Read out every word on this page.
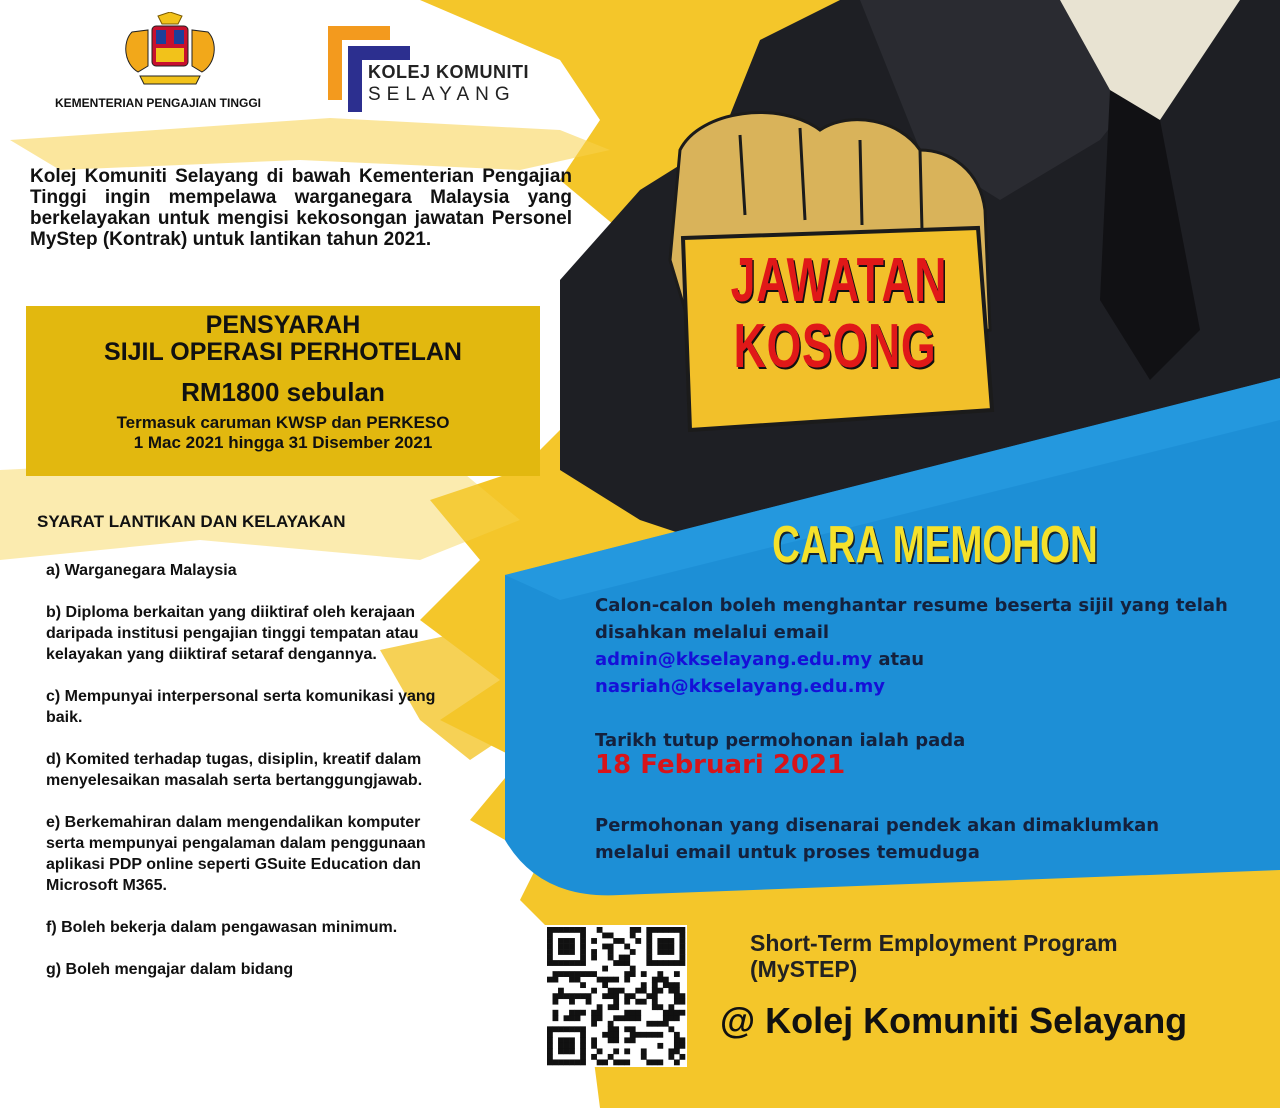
KEMENTERIAN PENGAJIAN TINGGI
KOLEJ KOMUNITI
SELAYANG
Kolej Komuniti Selayang di bawah Kementerian Pengajian Tinggi ingin mempelawa warganegara Malaysia yang berkelayakan untuk mengisi kekosongan jawatan Personel MyStep (Kontrak) untuk lantikan tahun 2021.
PENSYARAH
SIJIL OPERASI PERHOTELAN
RM1800 sebulan
Termasuk caruman KWSP dan PERKESO
1 Mac 2021 hingga 31 Disember 2021
JAWATAN
KOSONG
SYARAT LANTIKAN DAN KELAYAKAN
a) Warganegara Malaysia
b) Diploma berkaitan yang diiktiraf oleh kerajaan daripada institusi pengajian tinggi tempatan atau kelayakan yang diiktiraf setaraf dengannya.
c) Mempunyai interpersonal serta komunikasi yang baik.
d) Komited terhadap tugas, disiplin, kreatif dalam menyelesaikan masalah serta bertanggungjawab.
e) Berkemahiran dalam mengendalikan komputer serta mempunyai pengalaman dalam penggunaan aplikasi PDP online seperti GSuite Education dan Microsoft M365.
f) Boleh bekerja dalam pengawasan minimum.
g) Boleh mengajar dalam bidang
CARA MEMOHON
Calon-calon boleh menghantar resume beserta sijil yang telah disahkan melalui email
admin@kkselayang.edu.my atau
nasriah@kkselayang.edu.my
Tarikh tutup permohonan ialah pada
18 Februari 2021
Permohonan yang disenarai pendek akan dimaklumkan melalui email untuk proses temuduga
Short-Term Employment Program
(MySTEP)
@ Kolej Komuniti Selayang
